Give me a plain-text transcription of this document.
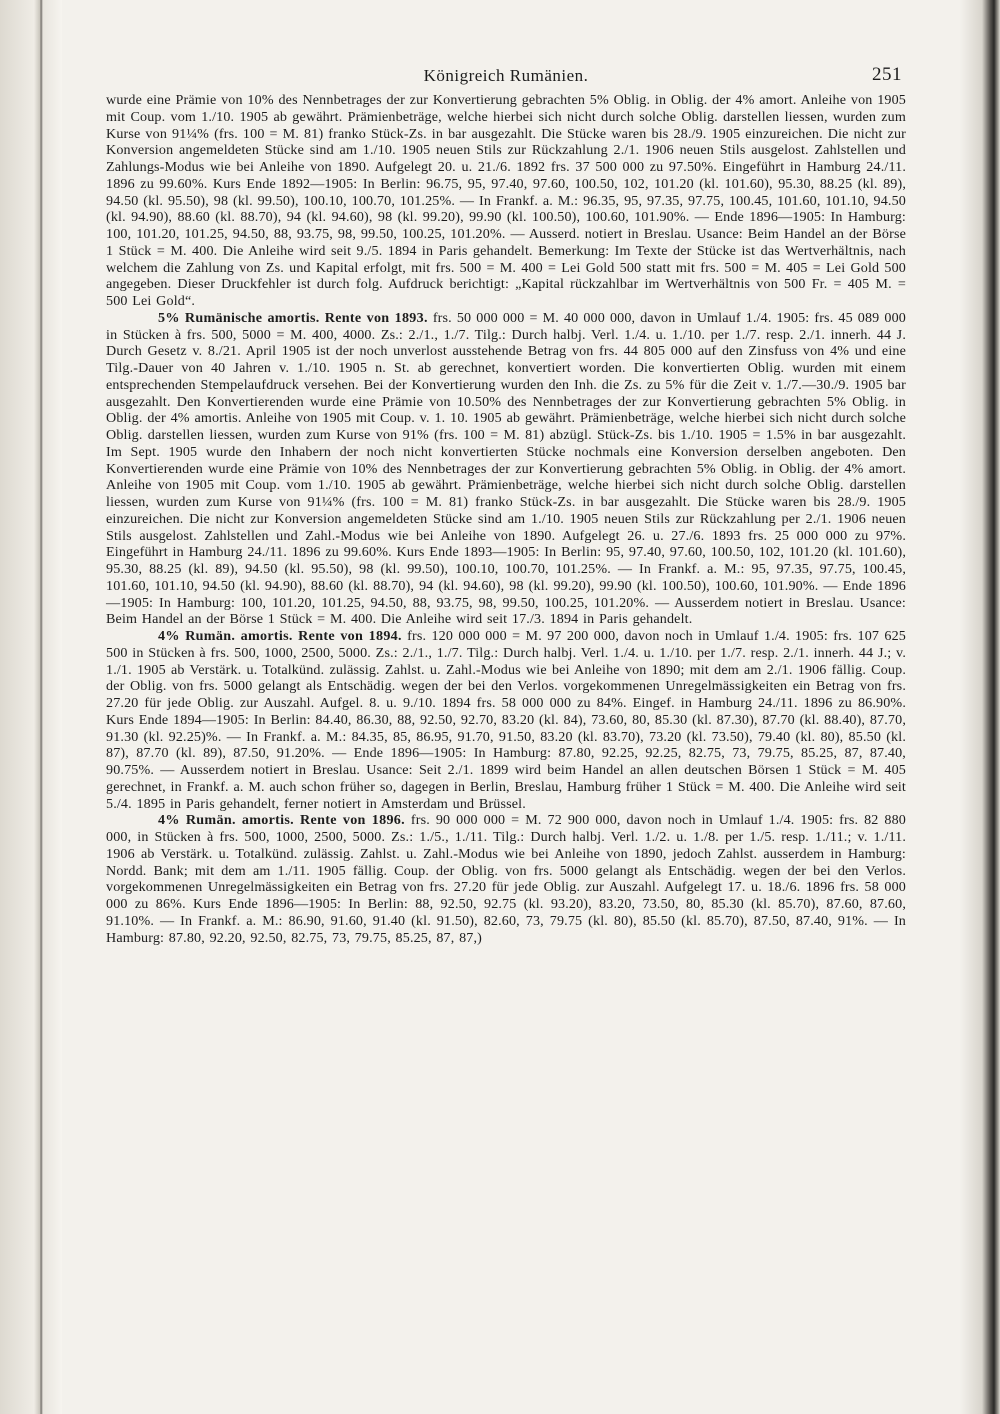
Königreich Rumänien.	251

wurde eine Prämie von 10% des Nennbetrages der zur Konvertierung gebrachten 5% Oblig. in Oblig. der 4% amort. Anleihe von 1905 mit Coup. vom 1./10. 1905 ab gewährt. Prämienbeträge, welche hierbei sich nicht durch solche Oblig. darstellen liessen, wurden zum Kurse von 91¼% (frs. 100 = M. 81) franko Stück-Zs. in bar ausgezahlt. Die Stücke waren bis 28./9. 1905 einzureichen. Die nicht zur Konversion angemeldeten Stücke sind am 1./10. 1905 neuen Stils zur Rückzahlung 2./1. 1906 neuen Stils ausgelost. Zahlstellen und Zahlungs-Modus wie bei Anleihe von 1890. Aufgelegt 20. u. 21./6. 1892 frs. 37 500 000 zu 97.50%. Eingeführt in Hamburg 24./11. 1896 zu 99.60%. Kurs Ende 1892—1905: In Berlin: 96.75, 95, 97.40, 97.60, 100.50, 102, 101.20 (kl. 101.60), 95.30, 88.25 (kl. 89), 94.50 (kl. 95.50), 98 (kl. 99.50), 100.10, 100.70, 101.25%. — In Frankf. a. M.: 96.35, 95, 97.35, 97.75, 100.45, 101.60, 101.10, 94.50 (kl. 94.90), 88.60 (kl. 88.70), 94 (kl. 94.60), 98 (kl. 99.20), 99.90 (kl. 100.50), 100.60, 101.90%. — Ende 1896—1905: In Hamburg: 100, 101.20, 101.25, 94.50, 88, 93.75, 98, 99.50, 100.25, 101.20%. — Ausserd. notiert in Breslau. Usance: Beim Handel an der Börse 1 Stück = M. 400. Die Anleihe wird seit 9./5. 1894 in Paris gehandelt. Bemerkung: Im Texte der Stücke ist das Wertverhältnis, nach welchem die Zahlung von Zs. und Kapital erfolgt, mit frs. 500 = M. 400 = Lei Gold 500 statt mit frs. 500 = M. 405 = Lei Gold 500 angegeben. Dieser Druckfehler ist durch folg. Aufdruck berichtigt: „Kapital rückzahlbar im Wertverhältnis von 500 Fr. = 405 M. = 500 Lei Gold“.

5% Rumänische amortis. Rente von 1893. frs. 50 000 000 = M. 40 000 000, davon in Umlauf 1./4. 1905: frs. 45 089 000 in Stücken à frs. 500, 5000 = M. 400, 4000. Zs.: 2./1., 1./7. Tilg.: Durch halbj. Verl. 1./4. u. 1./10. per 1./7. resp. 2./1. innerh. 44 J. Durch Gesetz v. 8./21. April 1905 ist der noch unverlost ausstehende Betrag von frs. 44 805 000 auf den Zinsfuss von 4% und eine Tilg.-Dauer von 40 Jahren v. 1./10. 1905 n. St. ab gerechnet, konvertiert worden. Die konvertierten Oblig. wurden mit einem entsprechenden Stempelaufdruck versehen. Bei der Konvertierung wurden den Inh. die Zs. zu 5% für die Zeit v. 1./7.—30./9. 1905 bar ausgezahlt. Den Konvertierenden wurde eine Prämie von 10.50% des Nennbetrages der zur Konvertierung gebrachten 5% Oblig. in Oblig. der 4% amortis. Anleihe von 1905 mit Coup. v. 1. 10. 1905 ab gewährt. Prämienbeträge, welche hierbei sich nicht durch solche Oblig. darstellen liessen, wurden zum Kurse von 91% (frs. 100 = M. 81) abzügl. Stück-Zs. bis 1./10. 1905 = 1.5% in bar ausgezahlt. Im Sept. 1905 wurde den Inhabern der noch nicht konvertierten Stücke nochmals eine Konversion derselben angeboten. Den Konvertierenden wurde eine Prämie von 10% des Nennbetrages der zur Konvertierung gebrachten 5% Oblig. in Oblig. der 4% amort. Anleihe von 1905 mit Coup. vom 1./10. 1905 ab gewährt. Prämienbeträge, welche hierbei sich nicht durch solche Oblig. darstellen liessen, wurden zum Kurse von 91¼% (frs. 100 = M. 81) franko Stück-Zs. in bar ausgezahlt. Die Stücke waren bis 28./9. 1905 einzureichen. Die nicht zur Konversion angemeldeten Stücke sind am 1./10. 1905 neuen Stils zur Rückzahlung per 2./1. 1906 neuen Stils ausgelost. Zahlstellen und Zahl.-Modus wie bei Anleihe von 1890. Aufgelegt 26. u. 27./6. 1893 frs. 25 000 000 zu 97%. Eingeführt in Hamburg 24./11. 1896 zu 99.60%. Kurs Ende 1893—1905: In Berlin: 95, 97.40, 97.60, 100.50, 102, 101.20 (kl. 101.60), 95.30, 88.25 (kl. 89), 94.50 (kl. 95.50), 98 (kl. 99.50), 100.10, 100.70, 101.25%. — In Frankf. a. M.: 95, 97.35, 97.75, 100.45, 101.60, 101.10, 94.50 (kl. 94.90), 88.60 (kl. 88.70), 94 (kl. 94.60), 98 (kl. 99.20), 99.90 (kl. 100.50), 100.60, 101.90%. — Ende 1896—1905: In Hamburg: 100, 101.20, 101.25, 94.50, 88, 93.75, 98, 99.50, 100.25, 101.20%. — Ausserdem notiert in Breslau. Usance: Beim Handel an der Börse 1 Stück = M. 400. Die Anleihe wird seit 17./3. 1894 in Paris gehandelt.

4% Rumän. amortis. Rente von 1894. frs. 120 000 000 = M. 97 200 000, davon noch in Umlauf 1./4. 1905: frs. 107 625 500 in Stücken à frs. 500, 1000, 2500, 5000. Zs.: 2./1., 1./7. Tilg.: Durch halbj. Verl. 1./4. u. 1./10. per 1./7. resp. 2./1. innerh. 44 J.; v. 1./1. 1905 ab Verstärk. u. Totalkünd. zulässig. Zahlst. u. Zahl.-Modus wie bei Anleihe von 1890; mit dem am 2./1. 1906 fällig. Coup. der Oblig. von frs. 5000 gelangt als Entschädig. wegen der bei den Verlos. vorgekommenen Unregelmässigkeiten ein Betrag von frs. 27.20 für jede Oblig. zur Auszahl. Aufgel. 8. u. 9./10. 1894 frs. 58 000 000 zu 84%. Eingef. in Hamburg 24./11. 1896 zu 86.90%. Kurs Ende 1894—1905: In Berlin: 84.40, 86.30, 88, 92.50, 92.70, 83.20 (kl. 84), 73.60, 80, 85.30 (kl. 87.30), 87.70 (kl. 88.40), 87.70, 91.30 (kl. 92.25)%. — In Frankf. a. M.: 84.35, 85, 86.95, 91.70, 91.50, 83.20 (kl. 83.70), 73.20 (kl. 73.50), 79.40 (kl. 80), 85.50 (kl. 87), 87.70 (kl. 89), 87.50, 91.20%. — Ende 1896—1905: In Hamburg: 87.80, 92.25, 92.25, 82.75, 73, 79.75, 85.25, 87, 87.40, 90.75%. — Ausserdem notiert in Breslau. Usance: Seit 2./1. 1899 wird beim Handel an allen deutschen Börsen 1 Stück = M. 405 gerechnet, in Frankf. a. M. auch schon früher so, dagegen in Berlin, Breslau, Hamburg früher 1 Stück = M. 400. Die Anleihe wird seit 5./4. 1895 in Paris gehandelt, ferner notiert in Amsterdam und Brüssel.

4% Rumän. amortis. Rente von 1896. frs. 90 000 000 = M. 72 900 000, davon noch in Umlauf 1./4. 1905: frs. 82 880 000, in Stücken à frs. 500, 1000, 2500, 5000. Zs.: 1./5., 1./11. Tilg.: Durch halbj. Verl. 1./2. u. 1./8. per 1./5. resp. 1./11.; v. 1./11. 1906 ab Verstärk. u. Totalkünd. zulässig. Zahlst. u. Zahl.-Modus wie bei Anleihe von 1890, jedoch Zahlst. ausserdem in Hamburg: Nordd. Bank; mit dem am 1./11. 1905 fällig. Coup. der Oblig. von frs. 5000 gelangt als Entschädig. wegen der bei den Verlos. vorgekommenen Unregelmässigkeiten ein Betrag von frs. 27.20 für jede Oblig. zur Auszahl. Aufgelegt 17. u. 18./6. 1896 frs. 58 000 000 zu 86%. Kurs Ende 1896—1905: In Berlin: 88, 92.50, 92.75 (kl. 93.20), 83.20, 73.50, 80, 85.30 (kl. 85.70), 87.60, 87.60, 91.10%. — In Frankf. a. M.: 86.90, 91.60, 91.40 (kl. 91.50), 82.60, 73, 79.75 (kl. 80), 85.50 (kl. 85.70), 87.50, 87.40, 91%. — In Hamburg: 87.80, 92.20, 92.50, 82.75, 73, 79.75, 85.25, 87, 87,)
